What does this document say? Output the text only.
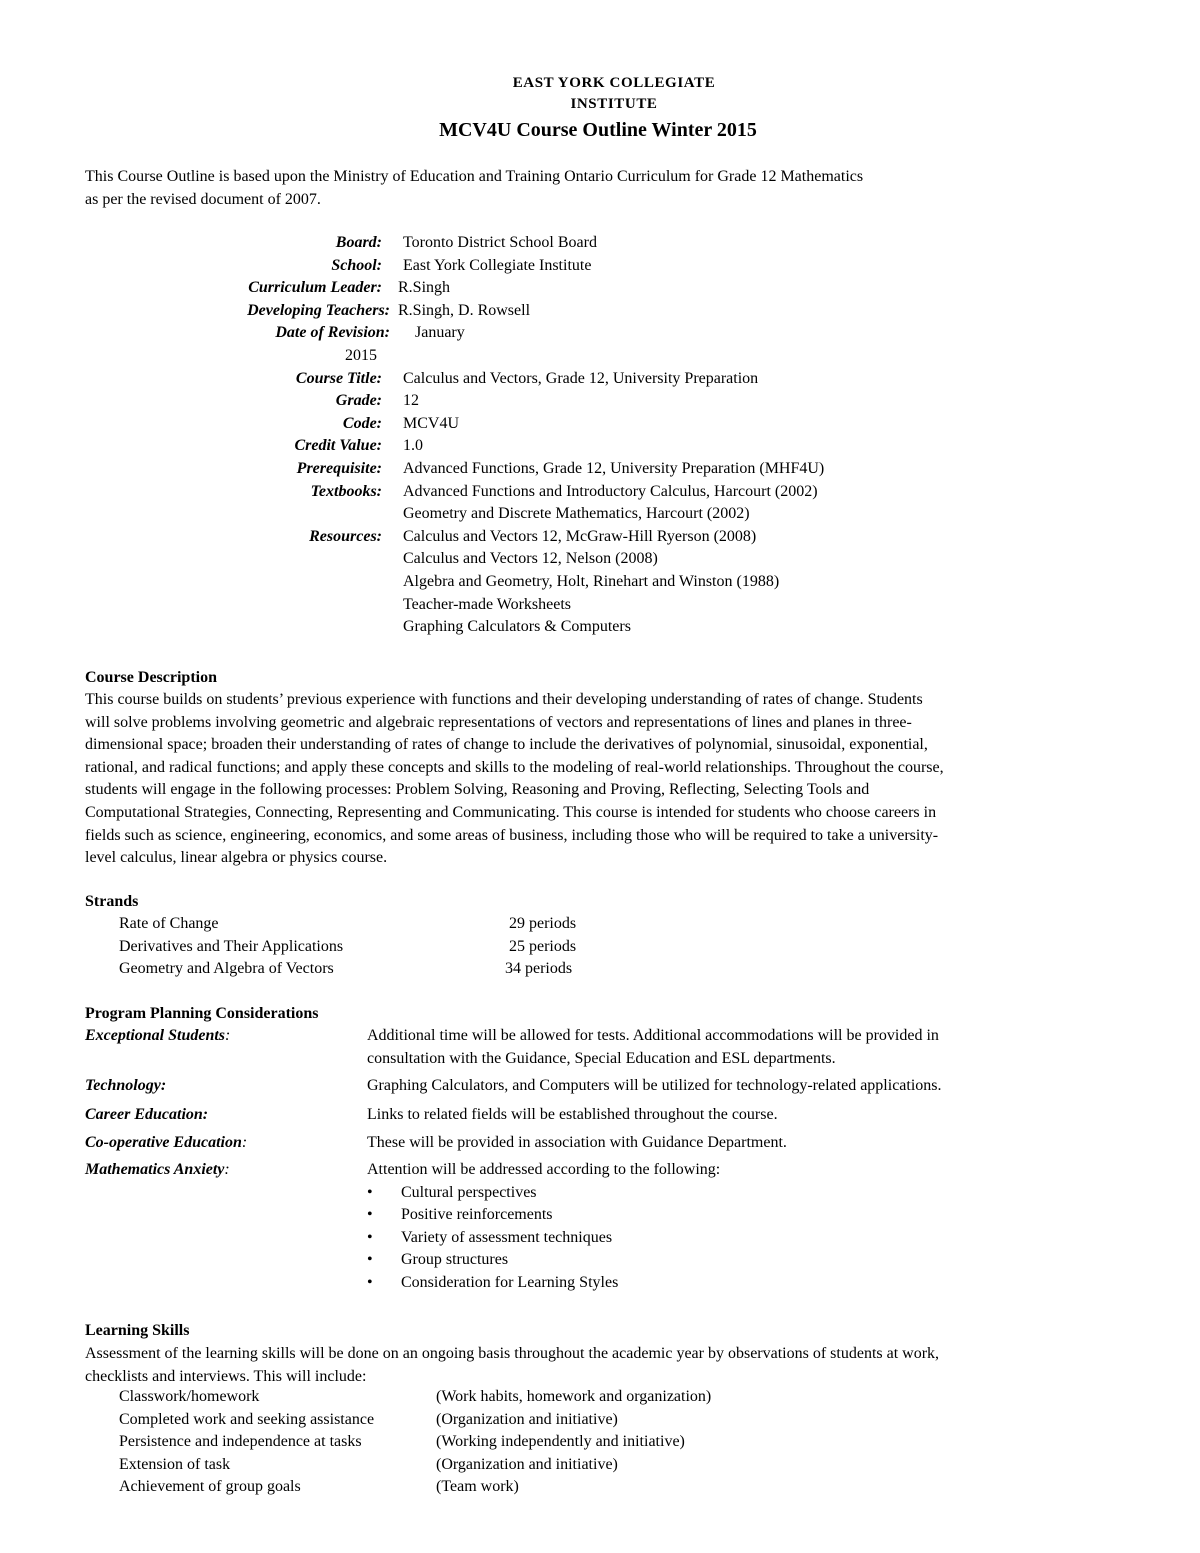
EAST YORK COLLEGIATE
INSTITUTE
MCV4U Course Outline Winter 2015
This Course Outline is based upon the Ministry of Education and Training Ontario Curriculum for Grade 12 Mathematics
as per the revised document of 2007.
Board: Toronto District School Board
School: East York Collegiate Institute
Curriculum Leader: R.Singh
Developing Teachers: R.Singh, D. Rowsell
Date of Revision: January
2015
Course Title: Calculus and Vectors, Grade 12, University Preparation
Grade: 12
Code: MCV4U
Credit Value: 1.0
Prerequisite: Advanced Functions, Grade 12, University Preparation (MHF4U)
Textbooks: Advanced Functions and Introductory Calculus, Harcourt (2002)
Geometry and Discrete Mathematics, Harcourt (2002)
Resources: Calculus and Vectors 12, McGraw-Hill Ryerson (2008)
Calculus and Vectors 12, Nelson (2008)
Algebra and Geometry, Holt, Rinehart and Winston (1988)
Teacher-made Worksheets
Graphing Calculators & Computers
Course Description
This course builds on students’ previous experience with functions and their developing understanding of rates of change. Students
will solve problems involving geometric and algebraic representations of vectors and representations of lines and planes in three-
dimensional space; broaden their understanding of rates of change to include the derivatives of polynomial, sinusoidal, exponential,
rational, and radical functions; and apply these concepts and skills to the modeling of real-world relationships. Throughout the course,
students will engage in the following processes: Problem Solving, Reasoning and Proving, Reflecting, Selecting Tools and
Computational Strategies, Connecting, Representing and Communicating. This course is intended for students who choose careers in
fields such as science, engineering, economics, and some areas of business, including those who will be required to take a university-
level calculus, linear algebra or physics course.
Strands
Rate of Change	29 periods
Derivatives and Their Applications	25 periods
Geometry and Algebra of Vectors	34 periods
Program Planning Considerations
Exceptional Students:	Additional time will be allowed for tests. Additional accommodations will be provided in
consultation with the Guidance, Special Education and ESL departments.
Technology:	Graphing Calculators, and Computers will be utilized for technology-related applications.
Career Education:	Links to related fields will be established throughout the course.
Co-operative Education:	These will be provided in association with Guidance Department.
Mathematics Anxiety:	Attention will be addressed according to the following:
• Cultural perspectives
• Positive reinforcements
• Variety of assessment techniques
• Group structures
• Consideration for Learning Styles
Learning Skills
Assessment of the learning skills will be done on an ongoing basis throughout the academic year by observations of students at work,
checklists and interviews. This will include:
Classwork/homework	(Work habits, homework and organization)
Completed work and seeking assistance	(Organization and initiative)
Persistence and independence at tasks	(Working independently and initiative)
Extension of task	(Organization and initiative)
Achievement of group goals	(Team work)
